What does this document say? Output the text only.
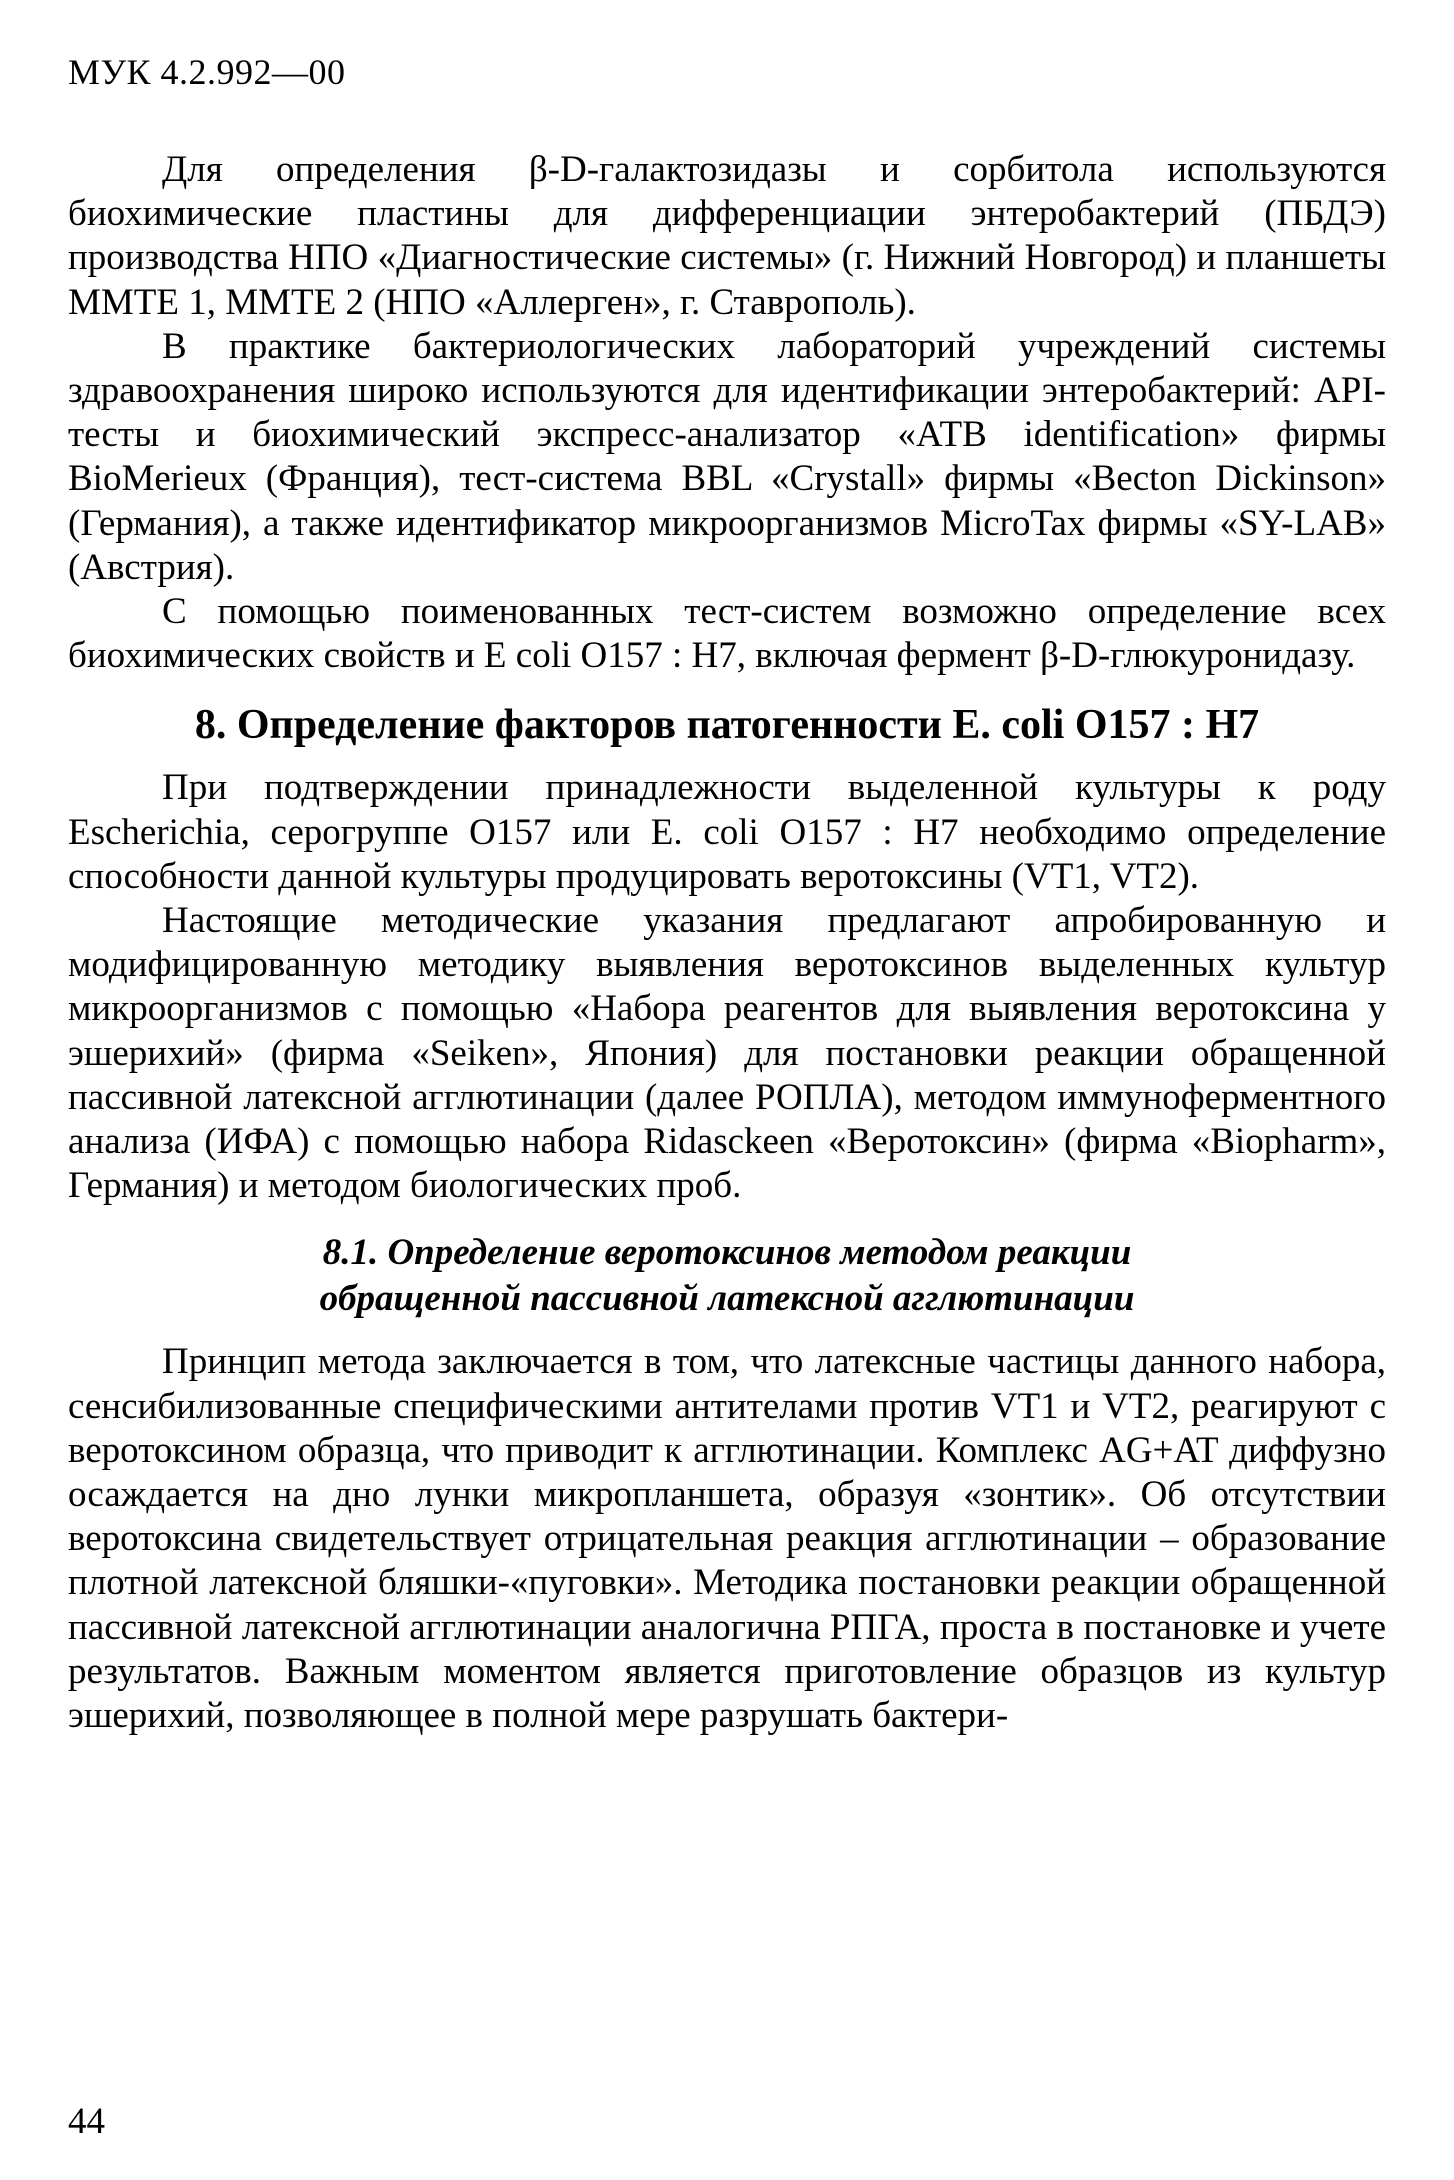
МУК 4.2.992—00

Для определения β-D-галактозидазы и сорбитола используются биохимические пластины для дифференциации энтеробактерий (ПБДЭ) производства НПО «Диагностические системы» (г. Нижний Новгород) и планшеты ММТЕ 1, ММТЕ 2 (НПО «Аллерген», г. Ставрополь).

В практике бактериологических лабораторий учреждений системы здравоохранения широко используются для идентификации энтеробактерий: API-тесты и биохимический экспресс-анализатор «АТВ identification» фирмы BioMerieux (Франция), тест-система BBL «Crystall» фирмы «Becton Dickinson» (Германия), а также идентификатор микроорганизмов MicroTax фирмы «SY-LAB» (Австрия).

С помощью поименованных тест-систем возможно определение всех биохимических свойств и E coli O157 : H7, включая фермент β-D-глюкуронидазу.

8. Определение факторов патогенности E. coli O157 : H7

При подтверждении принадлежности выделенной культуры к роду Escherichia, серогруппе O157 или E. coli O157 : H7 необходимо определение способности данной культуры продуцировать веротоксины (VT1, VT2).

Настоящие методические указания предлагают апробированную и модифицированную методику выявления веротоксинов выделенных культур микроорганизмов с помощью «Набора реагентов для выявления веротоксина у эшерихий» (фирма «Seiken», Япония) для постановки реакции обращенной пассивной латексной агглютинации (далее РОПЛА), методом иммуноферментного анализа (ИФА) с помощью набора Ridasckeen «Веротоксин» (фирма «Biopharm», Германия) и методом биологических проб.

8.1. Определение веротоксинов методом реакции обращенной пассивной латексной агглютинации

Принцип метода заключается в том, что латексные частицы данного набора, сенсибилизованные специфическими антителами против VT1 и VT2, реагируют с веротоксином образца, что приводит к агглютинации. Комплекс AG+AT диффузно осаждается на дно лунки микропланшета, образуя «зонтик». Об отсутствии веротоксина свидетельствует отрицательная реакция агглютинации – образование плотной латексной бляшки-«пуговки». Методика постановки реакции обращенной пассивной латексной агглютинации аналогична РПГА, проста в постановке и учете результатов. Важным моментом является приготовление образцов из культур эшерихий, позволяющее в полной мере разрушать бактери-

44
